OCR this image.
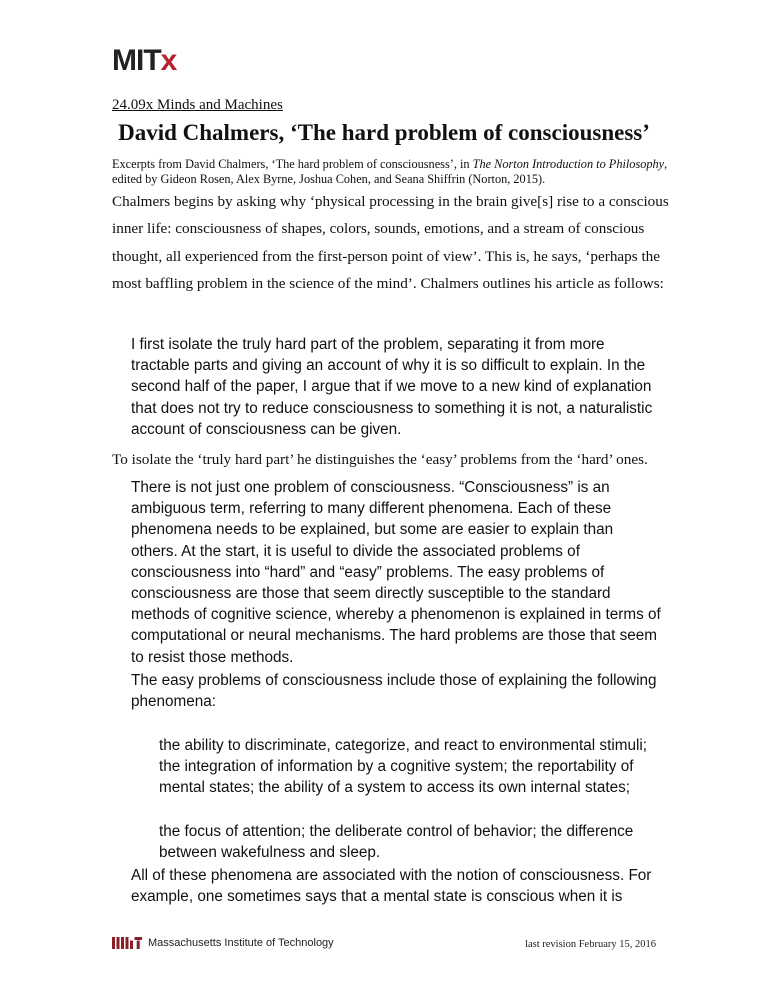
MITx
24.09x Minds and Machines
David Chalmers, ‘The hard problem of consciousness’
Excerpts from David Chalmers, ‘The hard problem of consciousness’, in The Norton Introduction to Philosophy, edited by Gideon Rosen, Alex Byrne, Joshua Cohen, and Seana Shiffrin (Norton, 2015).
Chalmers begins by asking why ‘physical processing in the brain give[s] rise to a conscious inner life: consciousness of shapes, colors, sounds, emotions, and a stream of conscious thought, all experienced from the first-person point of view’. This is, he says, ‘perhaps the most baffling problem in the science of the mind’. Chalmers outlines his article as follows:

I first isolate the truly hard part of the problem, separating it from more tractable parts and giving an account of why it is so difficult to explain. In the second half of the paper, I argue that if we move to a new kind of explanation that does not try to reduce consciousness to something it is not, a naturalistic account of consciousness can be given.

To isolate the ‘truly hard part’ he distinguishes the ‘easy’ problems from the ‘hard’ ones.

There is not just one problem of consciousness. “Consciousness” is an ambiguous term, referring to many different phenomena. Each of these phenomena needs to be explained, but some are easier to explain than others. At the start, it is useful to divide the associated problems of consciousness into “hard” and “easy” problems. The easy problems of consciousness are those that seem directly susceptible to the standard methods of cognitive science, whereby a phenomenon is explained in terms of computational or neural mechanisms. The hard problems are those that seem to resist those methods.

The easy problems of consciousness include those of explaining the following phenomena:

the ability to discriminate, categorize, and react to environmental stimuli; the integration of information by a cognitive system; the reportability of mental states; the ability of a system to access its own internal states;

the focus of attention; the deliberate control of behavior; the difference between wakefulness and sleep.

All of these phenomena are associated with the notion of consciousness. For example, one sometimes says that a mental state is conscious when it is

Massachusetts Institute of Technology	last revision February 15, 2016
